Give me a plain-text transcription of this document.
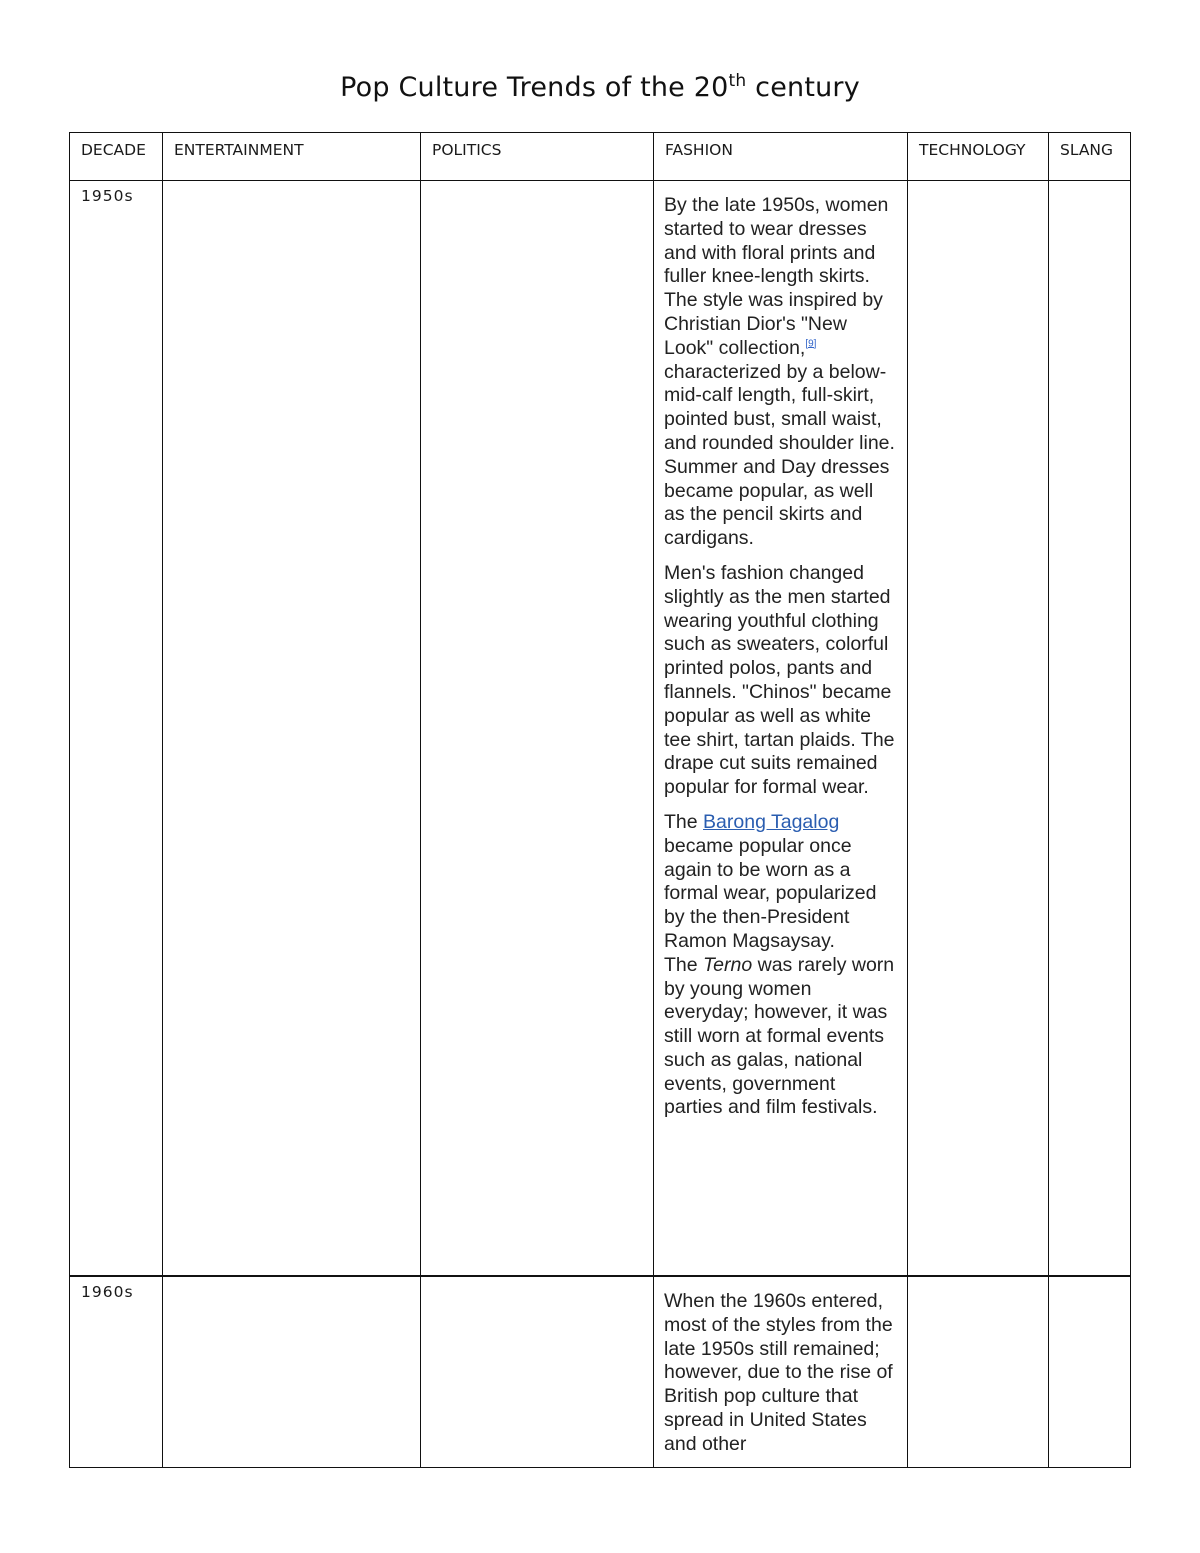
Pop Culture Trends of the 20th century
DECADE	ENTERTAINMENT	POLITICS	FASHION	TECHNOLOGY	SLANG

1950s			By the late 1950s, women started to wear dresses and with floral prints and fuller knee-length skirts. The style was inspired by Christian Dior's "New Look" collection,[9] characterized by a below-mid-calf length, full-skirt, pointed bust, small waist, and rounded shoulder line. Summer and Day dresses became popular, as well as the pencil skirts and cardigans.

Men's fashion changed slightly as the men started wearing youthful clothing such as sweaters, colorful printed polos, pants and flannels. "Chinos" became popular as well as white tee shirt, tartan plaids. The drape cut suits remained popular for formal wear.

The Barong Tagalog became popular once again to be worn as a formal wear, popularized by the then-President Ramon Magsaysay.

The Terno was rarely worn by young women everyday; however, it was still worn at formal events such as galas, national events, government parties and film festivals.		

1960s			When the 1960s entered, most of the styles from the late 1950s still remained; however, due to the rise of British pop culture that spread in United States and other		
